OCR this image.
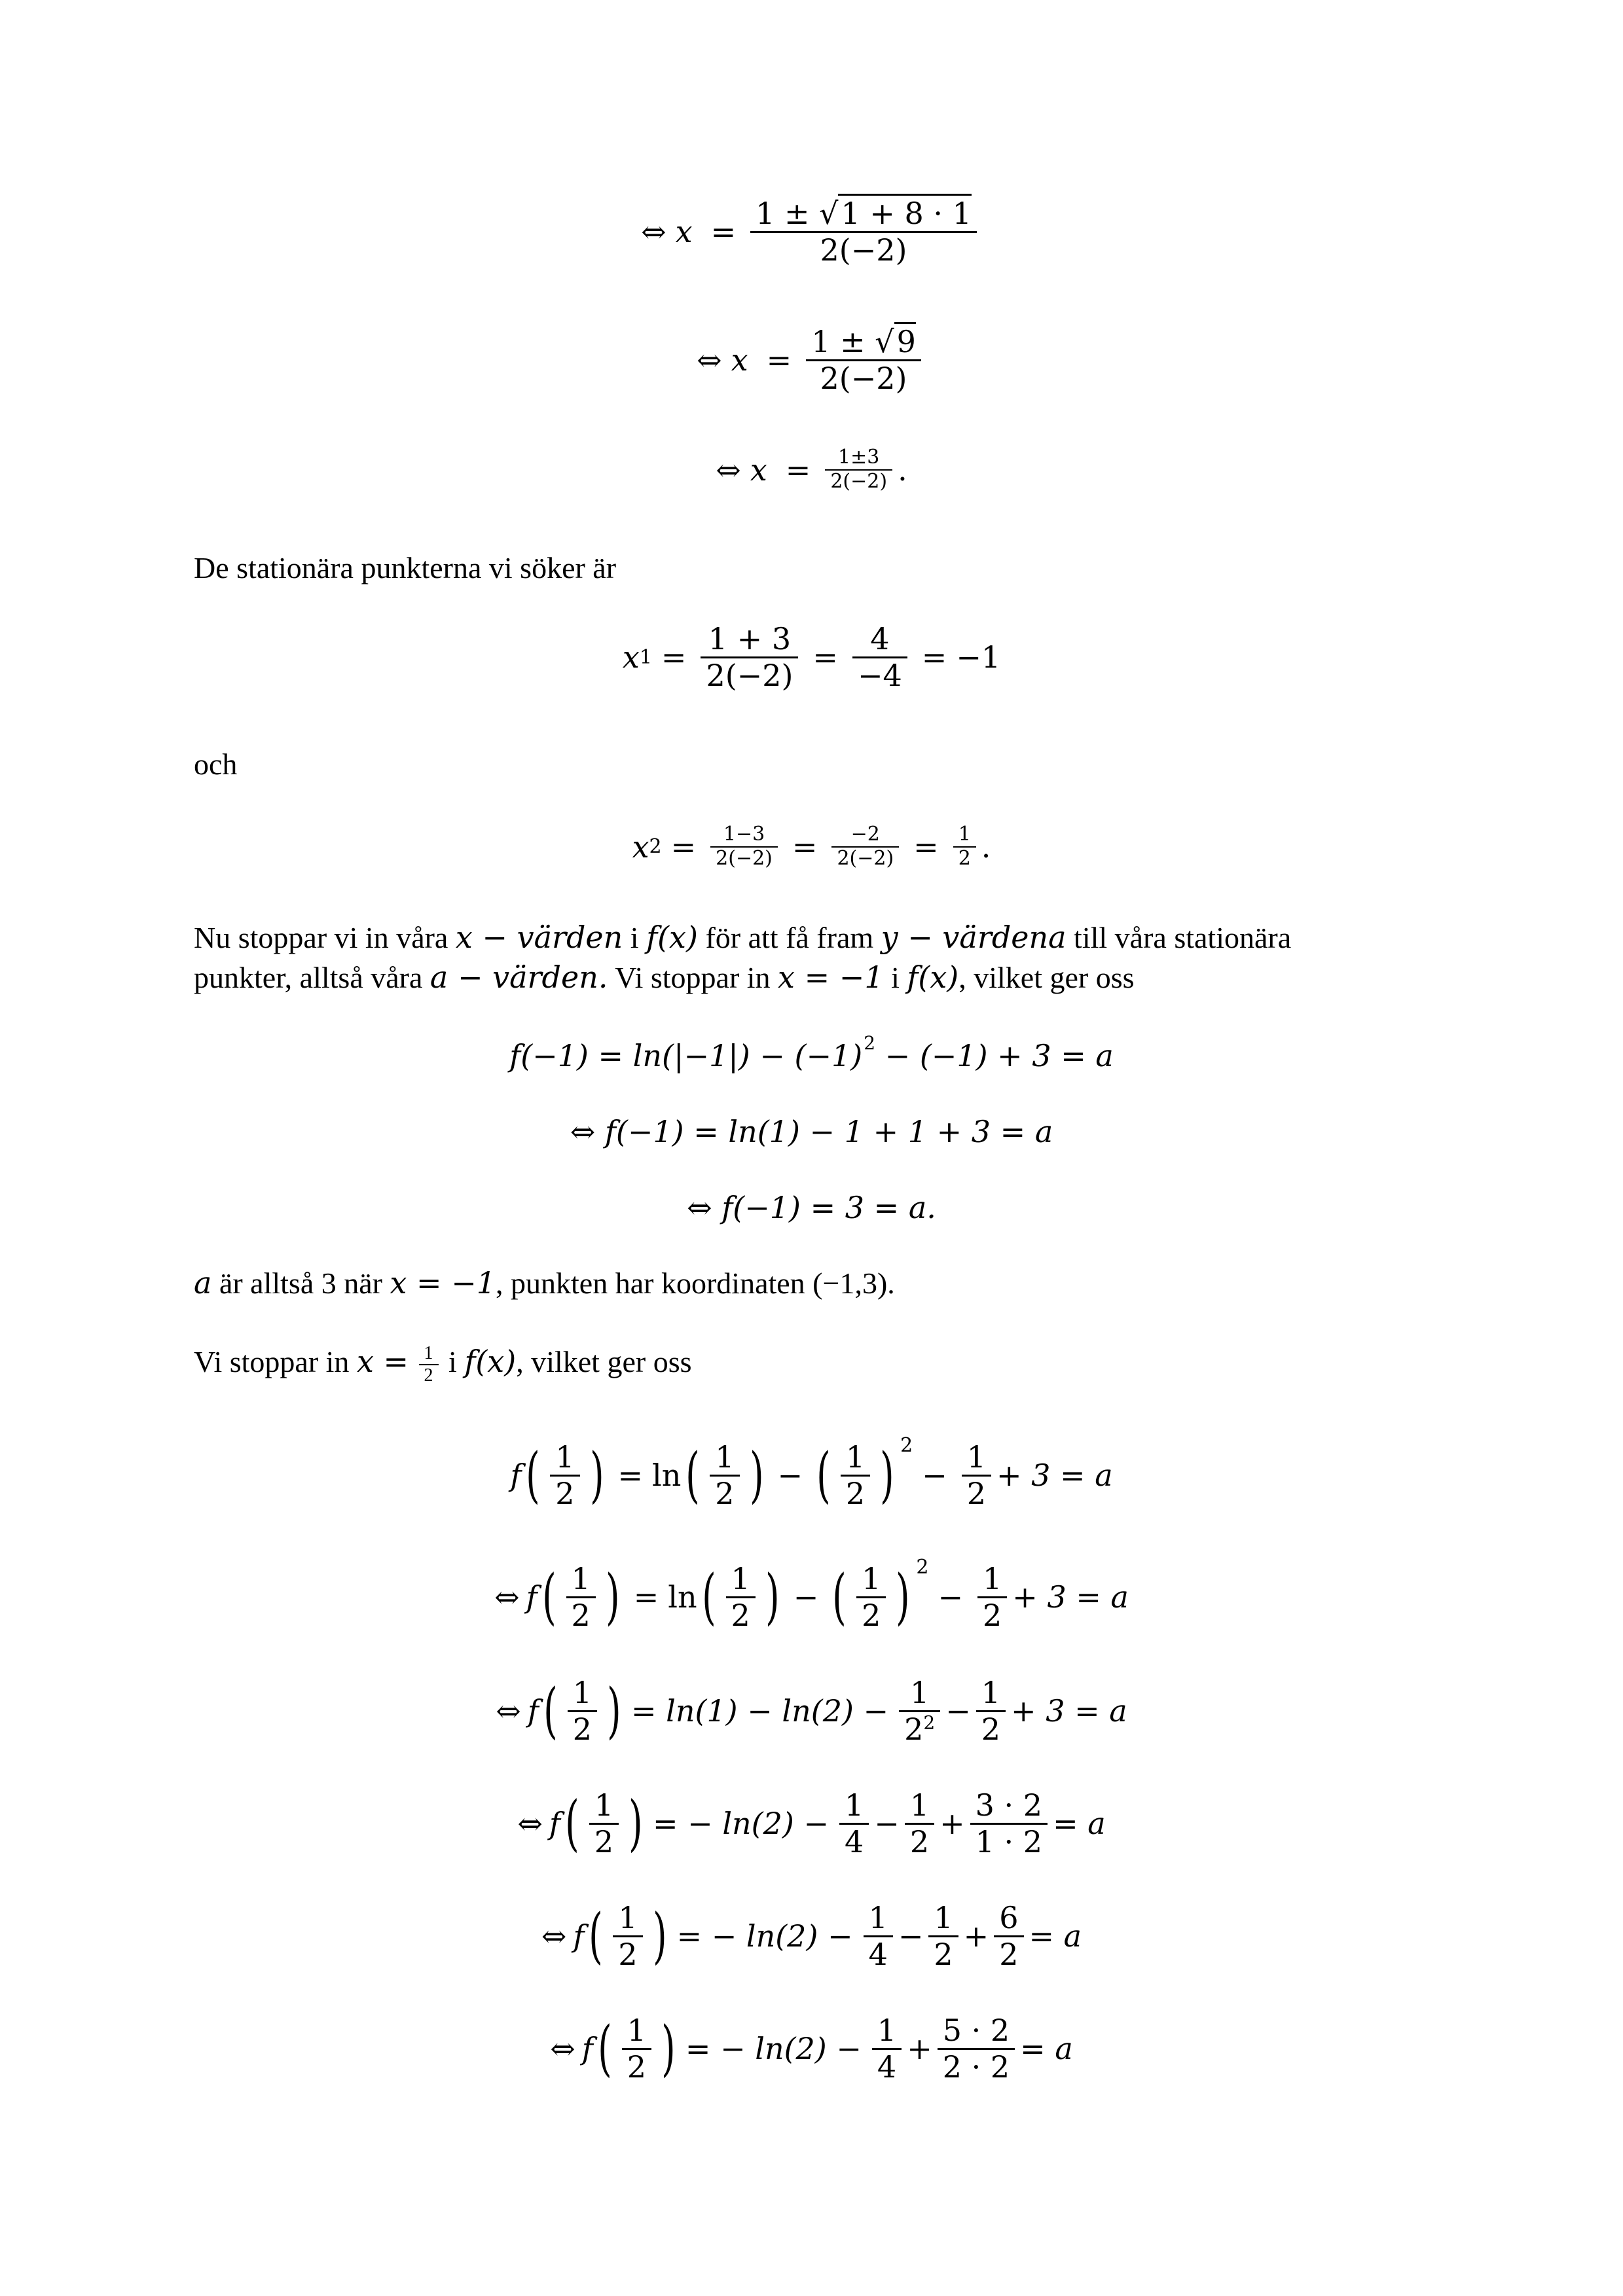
⇔ $x = \frac{1 \pm √1 + 8 \cdot 1}{2(-2)}$
⇔ $x = \frac{1 \pm √9}{2(-2)}$
⇔ $x = \frac{1\pm 3}{2(-2)}$ .
De stationära punkterna vi söker är
x $1 = \frac{1 + 3}{2(-2)} = \frac{4}{-4} = -1$
och
x $2 = \frac{1-3}{2(-2)} = \frac{-2}{2(-2)} = \frac{1}{2}$ .
Nu stoppar vi in våra x − värden i f(x) för att få fram y − värdena till våra stationära
punkter, alltså våra a − värden. Vi stoppar in x = −1 i f(x), vilket ger oss
$f(-1) = \ln(|-1|) - (-1)^2 - (-1) + 3 = a$
⇔ f(−1) = ln(1) − 1 + 1 + 3 = a
⇔ f(−1) = 3 = a.
a är alltså 3 när x = −1, punkten har koordinaten (−1,3).
Vi stoppar in $x = \frac{1}{2}$ i f(x), vilket ger oss
f ( $\frac{1}{2}$ ) = ln ( $\frac{1}{2}$ ) − ( $\frac{1}{2}$ ) 2
− $\frac{1}{2} + 3 = a$
⇔ f ( $\frac{1}{2}$ ) = ln ( $\frac{1}{2}$ ) − ( $\frac{1}{2}$ ) 2
− $\frac{1}{2} + 3 = a$
⇔ f ( $\frac{1}{2}$ ) = $\ln(1) - \ln(2) - \frac{1}{2^2} - \frac{1}{2} + 3 = a$
⇔ f ( $\frac{1}{2}$ ) = − $\ln(2) - \frac{1}{4} - \frac{1}{2} + \frac{3 \cdot 2}{1 \cdot 2} = a$
⇔ f ( $\frac{1}{2}$ ) = − $\ln(2) - \frac{1}{4} - \frac{1}{2} + \frac{6}{2} = a$
⇔ f ( $\frac{1}{2}$ ) = − $\ln(2) - \frac{1}{4} + \frac{5 \cdot 2}{2 \cdot 2} = a$
